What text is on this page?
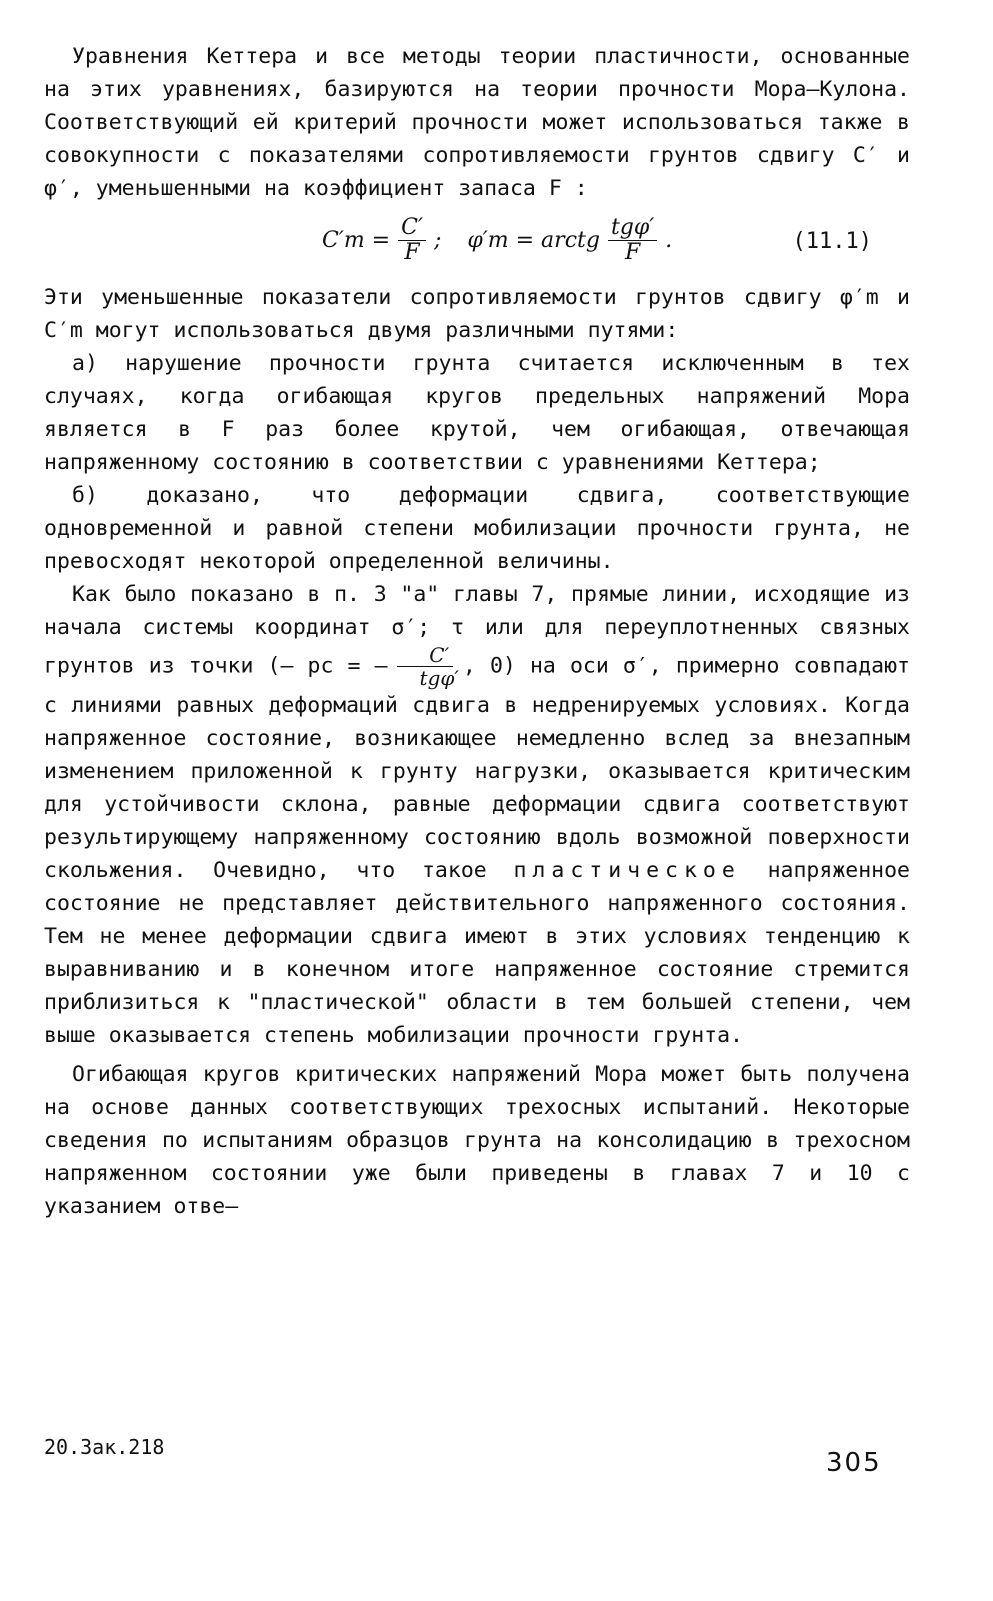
Уравнения Кеттера и все методы теории пластичности, основанные на этих уравнениях, базируются на теории прочности Мора–Кулона. Соответствующий ей критерий прочности может использоваться также в совокупности с показателями сопротивляемости грунтов сдвигу C′ и φ′, уменьшенными на коэффициент запаса F :

$C'm = \frac{C'}{F}$ ; φ′m = arctg $\frac{\text{tgφ′}}{F}$ .	(11.1)

Эти уменьшенные показатели сопротивляемости грунтов сдвигу φ′m и C′m могут использоваться двумя различными путями:

а) нарушение прочности грунта считается исключенным в тех случаях, когда огибающая кругов предельных напряжений Мора является в F раз более крутой, чем огибающая, отвечающая напряженному состоянию в соответствии с уравнениями Кеттера;

б) доказано, что деформации сдвига, соответствующие одновременной и равной степени мобилизации прочности грунта, не превосходят некоторой определенной величины.

Как было показано в п. 3 "а" главы 7, прямые линии, исходящие из начала системы координат σ′; τ или для переуплотненных связных грунтов из точки (– pc = – $\frac{C'}{\text{tgφ′}}$ , 0) на оси σ′, примерно совпадают с линиями равных деформаций сдвига в недренируемых условиях. Когда напряженное состояние, возникающее немедленно вслед за внезапным изменением приложенной к грунту нагрузки, оказывается критическим для устойчивости склона, равные деформации сдвига соответствуют результирующему напряженному состоянию вдоль возможной поверхности скольжения. Очевидно, что такое пластическое напряженное состояние не представляет действительного напряженного состояния. Тем не менее деформации сдвига имеют в этих условиях тенденцию к выравниванию и в конечном итоге напряженное состояние стремится приблизиться к "пластической" области в тем большей степени, чем выше оказывается степень мобилизации прочности грунта.

Огибающая кругов критических напряжений Мора может быть получена на основе данных соответствующих трехосных испытаний. Некоторые сведения по испытаниям образцов грунта на консолидацию в трехосном напряженном состоянии уже были приведены в главах 7 и 10 с указанием отве–

20.Зак.218
305
